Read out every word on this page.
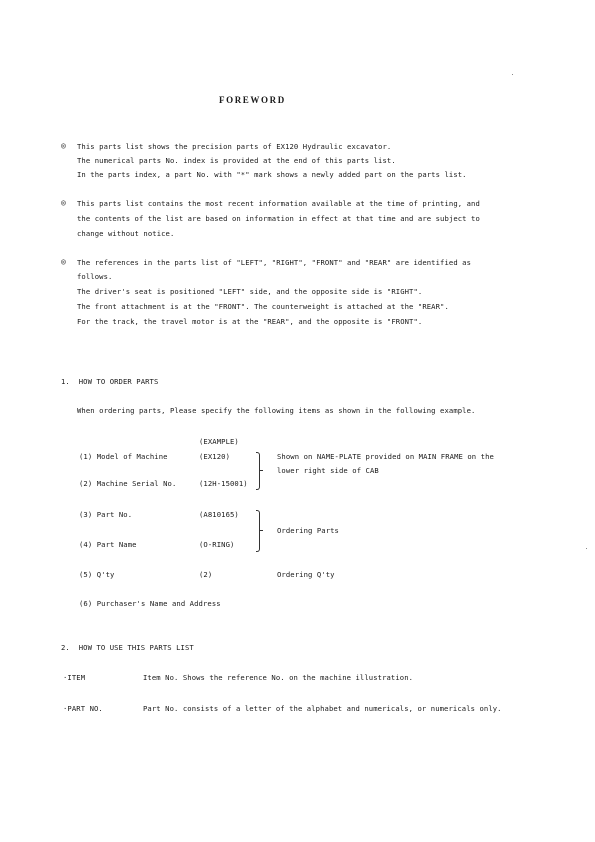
FOREWORD
◎ This parts list shows the precision parts of EX120 Hydraulic excavator.
The numerical parts No. index is provided at the end of this parts list.
In the parts index, a part No. with "*" mark shows a newly added part on the parts list.
◎ This parts list contains the most recent information available at the time of printing, and
the contents of the list are based on information in effect at that time and are subject to
change without notice.
◎ The references in the parts list of "LEFT", "RIGHT", "FRONT" and "REAR" are identified as
follows.
The driver's seat is positioned "LEFT" side, and the opposite side is "RIGHT".
The front attachment is at the "FRONT". The counterweight is attached at the "REAR".
For the track, the travel motor is at the "REAR", and the opposite is "FRONT".
1.  HOW TO ORDER PARTS
When ordering parts, Please specify the following items as shown in the following example.
(EXAMPLE)
(1) Model of Machine	(EX120)
(2) Machine Serial No.	(12H-15001)
Shown on NAME-PLATE provided on MAIN FRAME on the
lower right side of CAB
(3) Part No.	(A810165)
(4) Part Name	(O-RING)
Ordering Parts
(5) Q'ty	(2)	Ordering Q'ty
(6) Purchaser's Name and Address
2.  HOW TO USE THIS PARTS LIST
·ITEM	Item No. Shows the reference No. on the machine illustration.
·PART NO.	Part No. consists of a letter of the alphabet and numericals, or numericals only.
